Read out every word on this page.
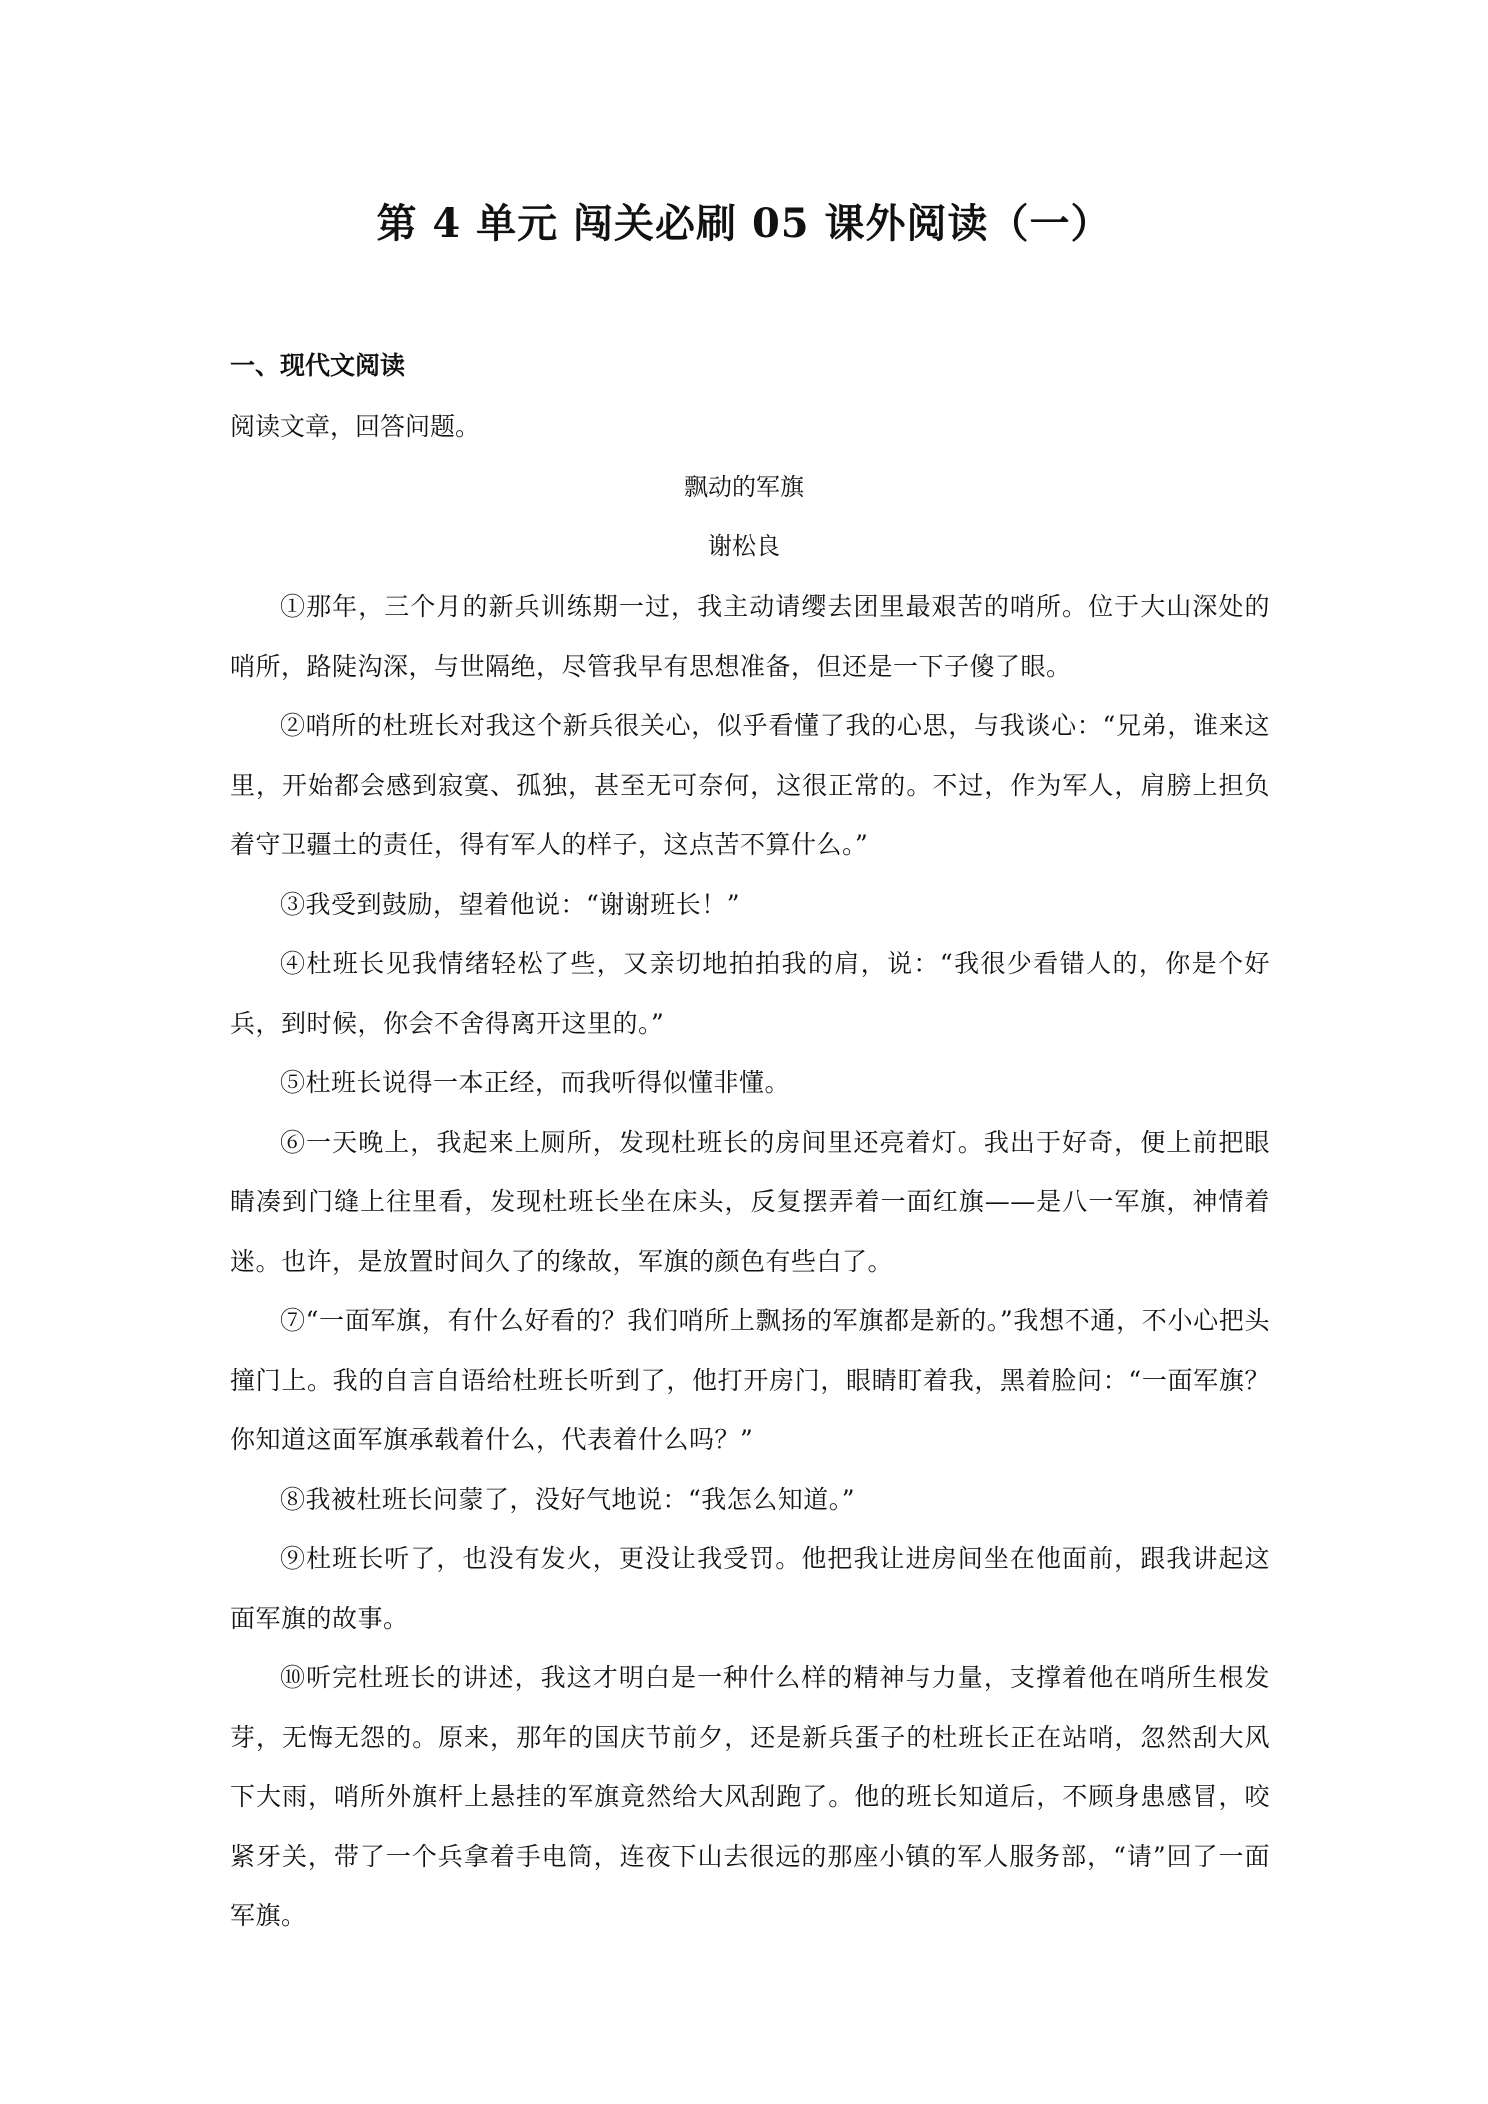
第 4 单元 闯关必刷 05 课外阅读（一）
一、现代文阅读
阅读文章，回答问题。
飘动的军旗
谢松良

①那年，三个月的新兵训练期一过，我主动请缨去团里最艰苦的哨所。位于大山深处的哨所，路陡沟深，与世隔绝，尽管我早有思想准备，但还是一下子傻了眼。

②哨所的杜班长对我这个新兵很关心，似乎看懂了我的心思，与我谈心：“兄弟，谁来这里，开始都会感到寂寞、孤独，甚至无可奈何，这很正常的。不过，作为军人，肩膀上担负着守卫疆土的责任，得有军人的样子，这点苦不算什么。”

③我受到鼓励，望着他说：“谢谢班长！”

④杜班长见我情绪轻松了些，又亲切地拍拍我的肩，说：“我很少看错人的，你是个好兵，到时候，你会不舍得离开这里的。”

⑤杜班长说得一本正经，而我听得似懂非懂。

⑥一天晚上，我起来上厕所，发现杜班长的房间里还亮着灯。我出于好奇，便上前把眼睛凑到门缝上往里看，发现杜班长坐在床头，反复摆弄着一面红旗——是八一军旗，神情着迷。也许，是放置时间久了的缘故，军旗的颜色有些白了。

⑦“一面军旗，有什么好看的？我们哨所上飘扬的军旗都是新的。”我想不通，不小心把头撞门上。我的自言自语给杜班长听到了，他打开房门，眼睛盯着我，黑着脸问：“一面军旗？你知道这面军旗承载着什么，代表着什么吗？”

⑧我被杜班长问蒙了，没好气地说：“我怎么知道。”

⑨杜班长听了，也没有发火，更没让我受罚。他把我让进房间坐在他面前，跟我讲起这面军旗的故事。

⑩听完杜班长的讲述，我这才明白是一种什么样的精神与力量，支撑着他在哨所生根发芽，无悔无怨的。原来，那年的国庆节前夕，还是新兵蛋子的杜班长正在站哨，忽然刮大风下大雨，哨所外旗杆上悬挂的军旗竟然给大风刮跑了。他的班长知道后，不顾身患感冒，咬紧牙关，带了一个兵拿着手电筒，连夜下山去很远的那座小镇的军人服务部，“请”回了一面军旗。
